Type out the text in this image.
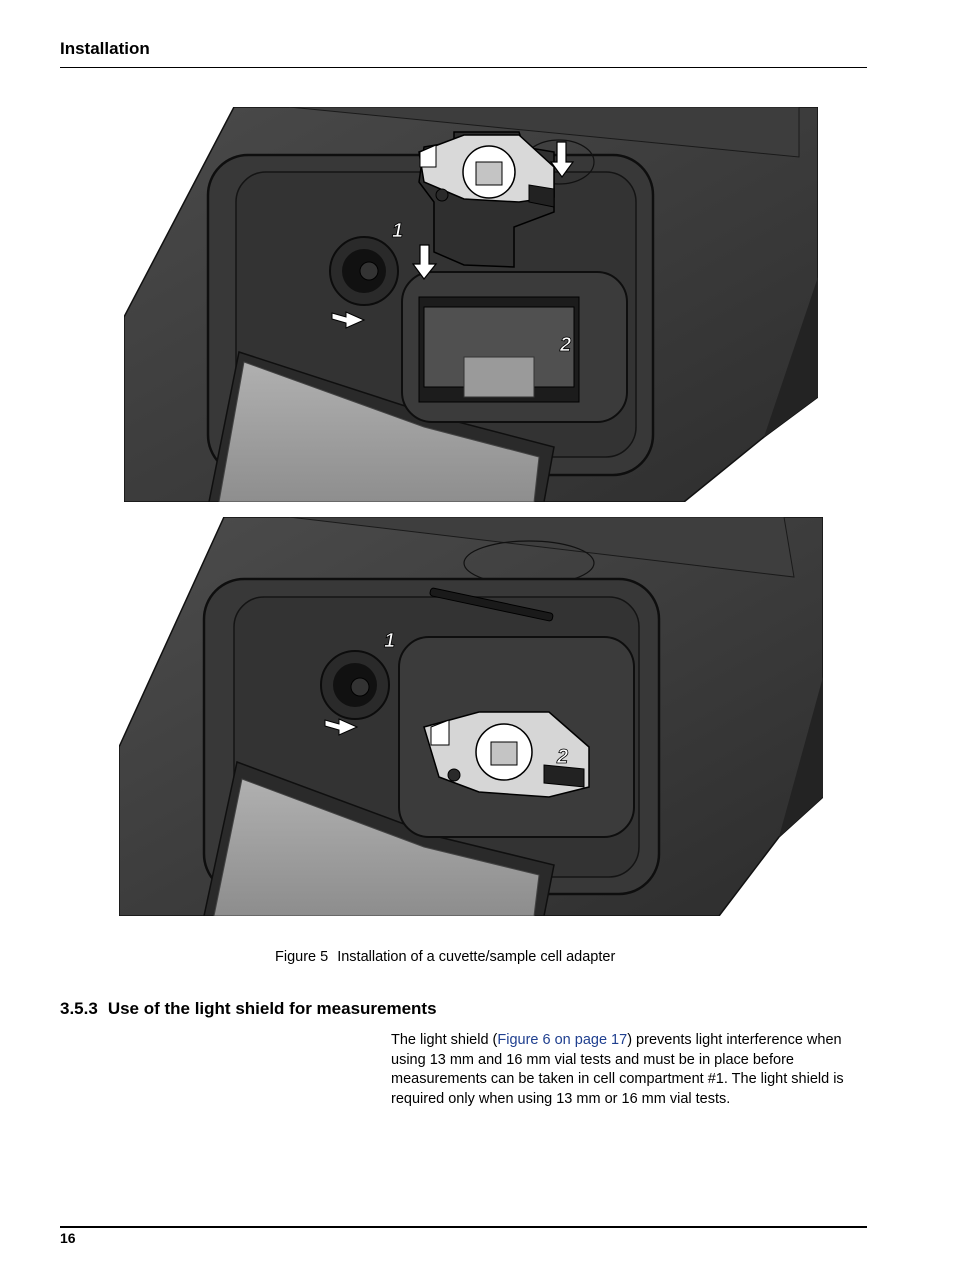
Installation
1
2
1
2
Figure 5 Installation of a cuvette/sample cell adapter
3.5.3 Use of the light shield for measurements
The light shield (Figure 6 on page 17) prevents light interference when using 13 mm and 16 mm vial tests and must be in place before measurements can be taken in cell compartment #1. The light shield is required only when using 13 mm or 16 mm vial tests.
16
